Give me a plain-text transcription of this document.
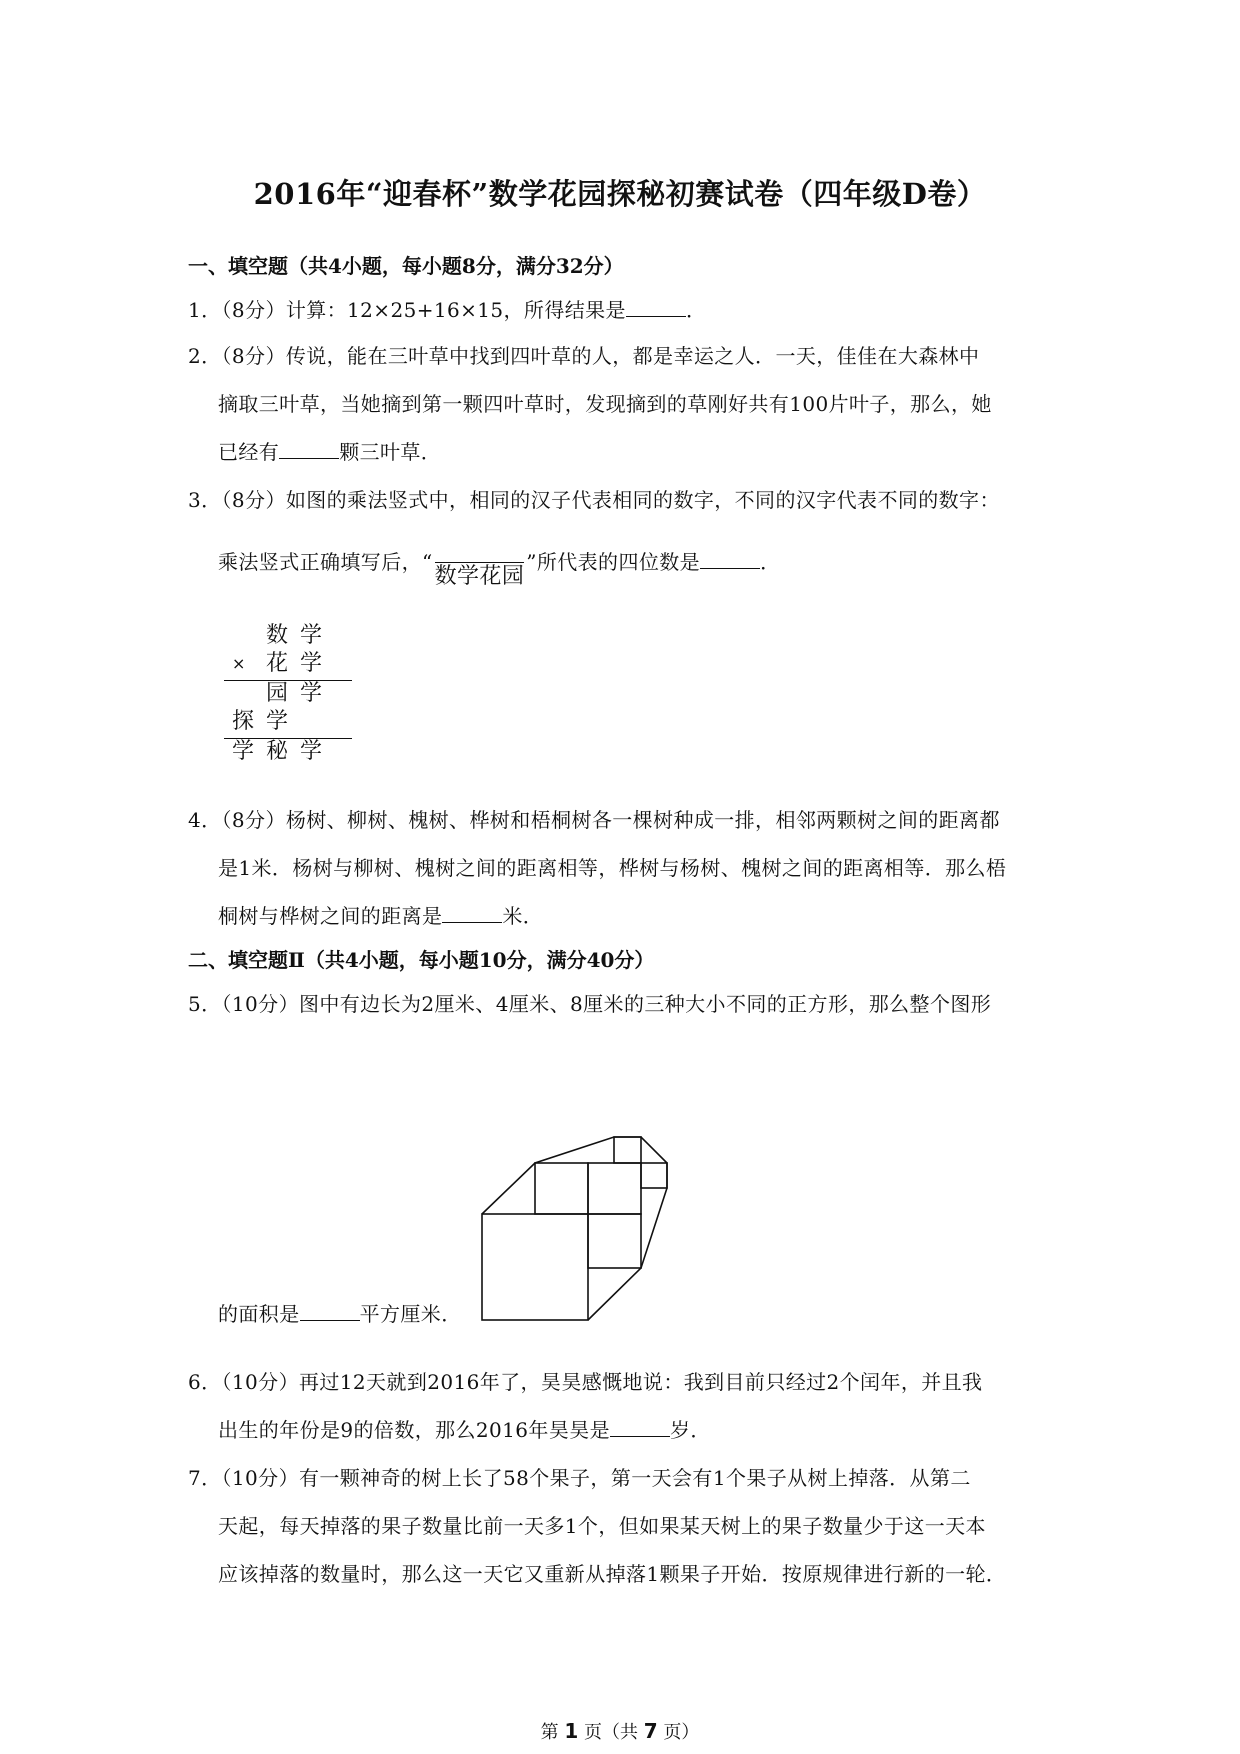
2016年“迎春杯”数学花园探秘初赛试卷（四年级D卷）
一、填空题（共4小题，每小题8分，满分32分）
1．（8分）计算：12×25+16×15，所得结果是	．
2．（8分）传说，能在三叶草中找到四叶草的人，都是幸运之人．一天，佳佳在大森林中
摘取三叶草，当她摘到第一颗四叶草时，发现摘到的草刚好共有100片叶子，那么，她
已经有	颗三叶草．
3．（8分）如图的乘法竖式中，相同的汉子代表相同的数字，不同的汉字代表不同的数字：
乘法竖式正确填写后，“数学花园”所代表的四位数是	．
数 学
× 花 学
园 学
探 学
学 秘 学
4．（8分）杨树、柳树、槐树、桦树和梧桐树各一棵树种成一排，相邻两颗树之间的距离都
是1米．杨树与柳树、槐树之间的距离相等，桦树与杨树、槐树之间的距离相等．那么梧
桐树与桦树之间的距离是	米．
二、填空题Ⅱ（共4小题，每小题10分，满分40分）
5．（10分）图中有边长为2厘米、4厘米、8厘米的三种大小不同的正方形，那么整个图形
的面积是	平方厘米．
6．（10分）再过12天就到2016年了，昊昊感慨地说：我到目前只经过2个闰年，并且我
出生的年份是9的倍数，那么2016年昊昊是	岁．
7．（10分）有一颗神奇的树上长了58个果子，第一天会有1个果子从树上掉落．从第二
天起，每天掉落的果子数量比前一天多1个，但如果某天树上的果子数量少于这一天本
应该掉落的数量时，那么这一天它又重新从掉落1颗果子开始．按原规律进行新的一轮．
第 1 页（共 7 页）
